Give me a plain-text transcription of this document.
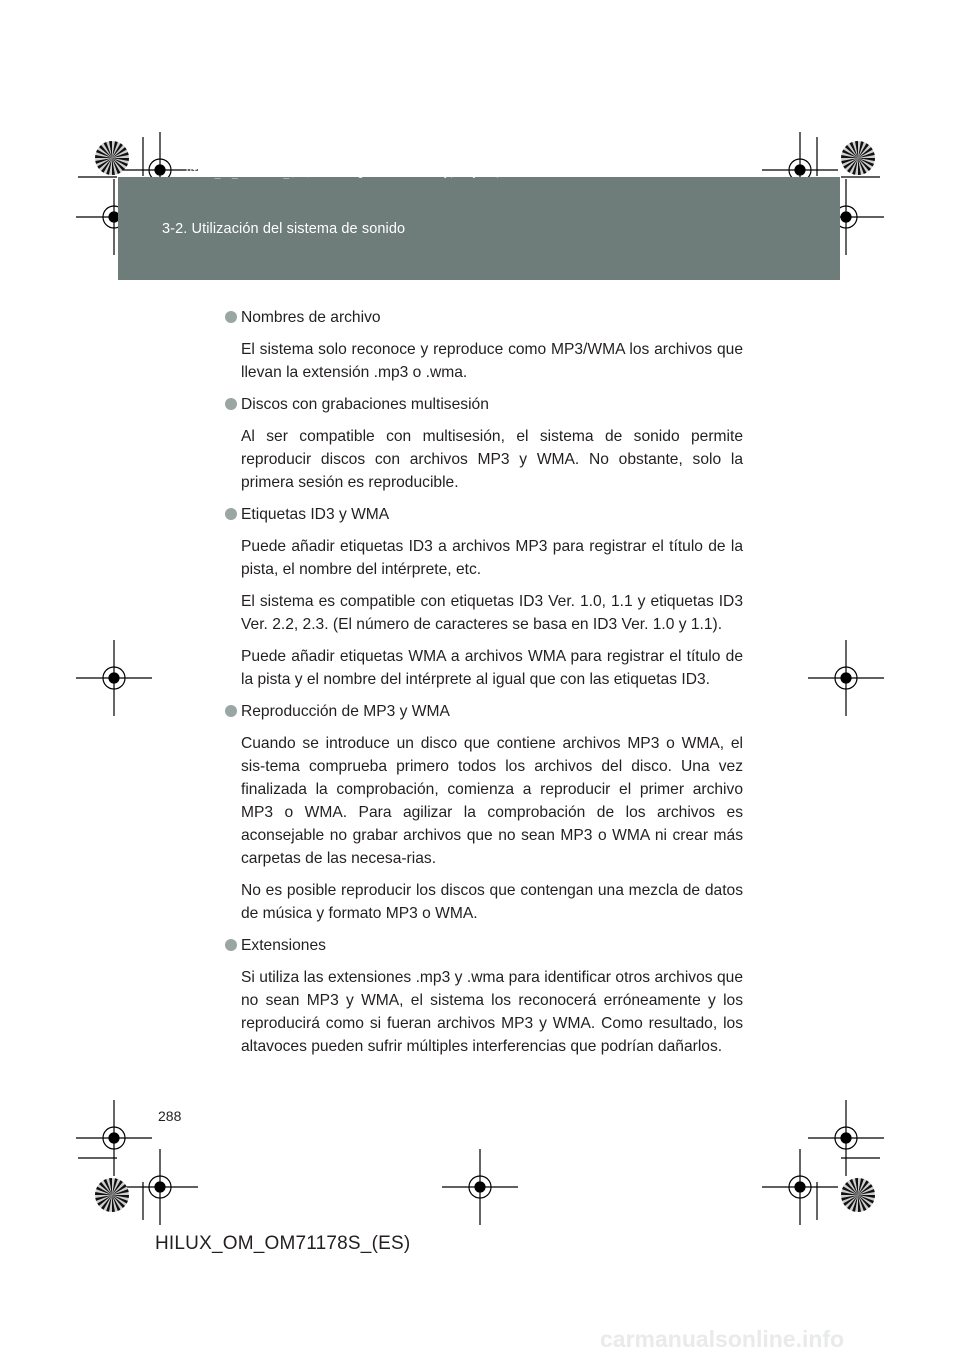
HILUX_OM_OM71178S_(ES).book Page 288 Wednesday, May 16, 2012 3:09 PM
3-2. Utilización del sistema de sonido
Nombres de archivo

El sistema solo reconoce y reproduce como MP3/WMA los archivos que llevan la extensión .mp3 o .wma.

Discos con grabaciones multisesión

Al ser compatible con multisesión, el sistema de sonido permite reproducir discos con archivos MP3 y WMA. No obstante, solo la primera sesión es reproducible.

Etiquetas ID3 y WMA

Puede añadir etiquetas ID3 a archivos MP3 para registrar el título de la pista, el nombre del intérprete, etc.

El sistema es compatible con etiquetas ID3 Ver. 1.0, 1.1 y etiquetas ID3 Ver. 2.2, 2.3. (El número de caracteres se basa en ID3 Ver. 1.0 y 1.1).

Puede añadir etiquetas WMA a archivos WMA para registrar el título de la pista y el nombre del intérprete al igual que con las etiquetas ID3.

Reproducción de MP3 y WMA

Cuando se introduce un disco que contiene archivos MP3 o WMA, el sis-tema comprueba primero todos los archivos del disco. Una vez finalizada la comprobación, comienza a reproducir el primer archivo MP3 o WMA. Para agilizar la comprobación de los archivos es aconsejable no grabar archivos que no sean MP3 o WMA ni crear más carpetas de las necesa-rias.

No es posible reproducir los discos que contengan una mezcla de datos de música y formato MP3 o WMA.

Extensiones

Si utiliza las extensiones .mp3 y .wma para identificar otros archivos que no sean MP3 y WMA, el sistema los reconocerá erróneamente y los reproducirá como si fueran archivos MP3 y WMA. Como resultado, los altavoces pueden sufrir múltiples interferencias que podrían dañarlos.

288
HILUX_OM_OM71178S_(ES)
carmanualsonline.info
